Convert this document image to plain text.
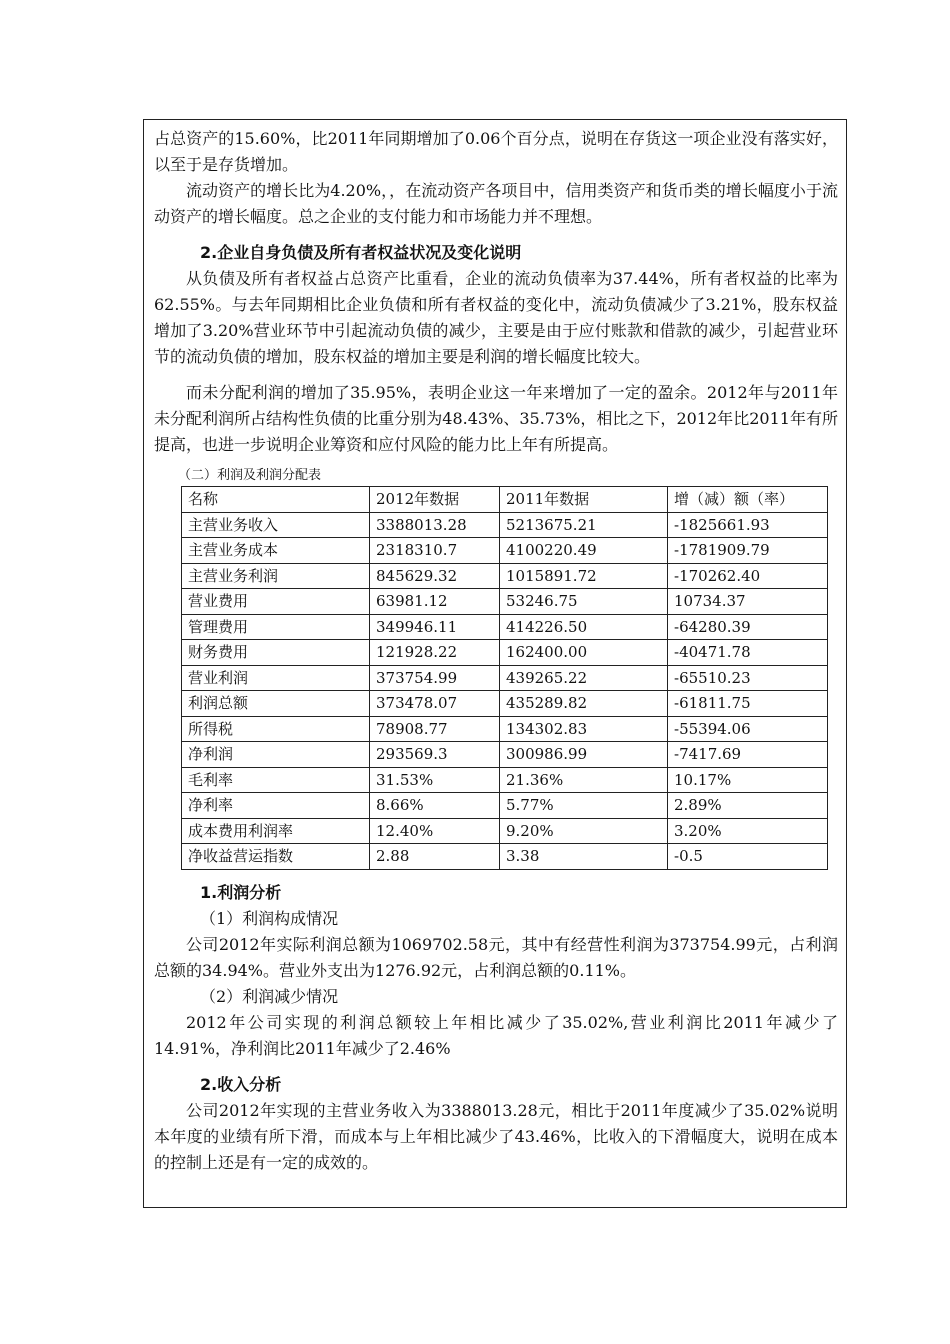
占总资产的15.60%，比2011年同期增加了0.06个百分点，说明在存货这一项企业没有落实好，以至于是存货增加。

流动资产的增长比为4.20%，，在流动资产各项目中，信用类资产和货币类的增长幅度小于流动资产的增长幅度。总之企业的支付能力和市场能力并不理想。

2.企业自身负债及所有者权益状况及变化说明

从负债及所有者权益占总资产比重看，企业的流动负债率为37.44%，所有者权益的比率为62.55%。与去年同期相比企业负债和所有者权益的变化中，流动负债减少了3.21%，股东权益增加了3.20%营业环节中引起流动负债的减少，主要是由于应付账款和借款的减少，引起营业环节的流动负债的增加，股东权益的增加主要是利润的增长幅度比较大。

而未分配利润的增加了35.95%，表明企业这一年来增加了一定的盈余。2012年与2011年未分配利润所占结构性负债的比重分别为48.43%、35.73%，相比之下，2012年比2011年有所提高，也进一步说明企业筹资和应付风险的能力比上年有所提高。

（二）利润及利润分配表
名称	2012年数据	2011年数据	增（减）额（率）
主营业务收入	3388013.28	5213675.21	-1825661.93
主营业务成本	2318310.7	4100220.49	-1781909.79
主营业务利润	845629.32	1015891.72	-170262.40
营业费用	63981.12	53246.75	10734.37
管理费用	349946.11	414226.50	-64280.39
财务费用	121928.22	162400.00	-40471.78
营业利润	373754.99	439265.22	-65510.23
利润总额	373478.07	435289.82	-61811.75
所得税	78908.77	134302.83	-55394.06
净利润	293569.3	300986.99	-7417.69
毛利率	31.53%	21.36%	10.17%
净利率	8.66%	5.77%	2.89%
成本费用利润率	12.40%	9.20%	3.20%
净收益营运指数	2.88	3.38	-0.5

1.利润分析

（1）利润构成情况

公司2012年实际利润总额为1069702.58元，其中有经营性利润为373754.99元，占利润总额的34.94%。营业外支出为1276.92元，占利润总额的0.11%。

（2）利润减少情况

2012年公司实现的利润总额较上年相比减少了35.02%,营业利润比2011年减少了14.91%，净利润比2011年减少了2.46%

2.收入分析

公司2012年实现的主营业务收入为3388013.28元，相比于2011年度减少了35.02%说明本年度的业绩有所下滑，而成本与上年相比减少了43.46%，比收入的下滑幅度大，说明在成本的控制上还是有一定的成效的。
